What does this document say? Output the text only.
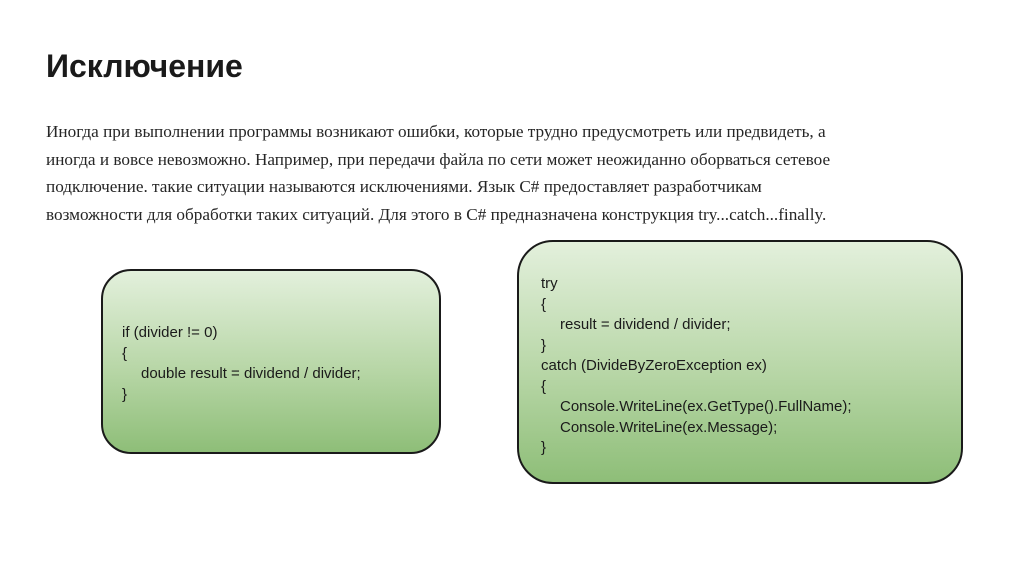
Исключение
Иногда при выполнении программы возникают ошибки, которые трудно предусмотреть или предвидеть, а
иногда и вовсе невозможно. Например, при передачи файла по сети может неожиданно оборваться сетевое
подключение. такие ситуации называются исключениями. Язык C# предоставляет разработчикам
возможности для обработки таких ситуаций. Для этого в C# предназначена конструкция try...catch...finally.
if (divider != 0)
{
double result = dividend / divider;
}
try
{
result = dividend / divider;
}
catch (DivideByZeroException ex)
{
Console.WriteLine(ex.GetType().FullName);
Console.WriteLine(ex.Message);
}
